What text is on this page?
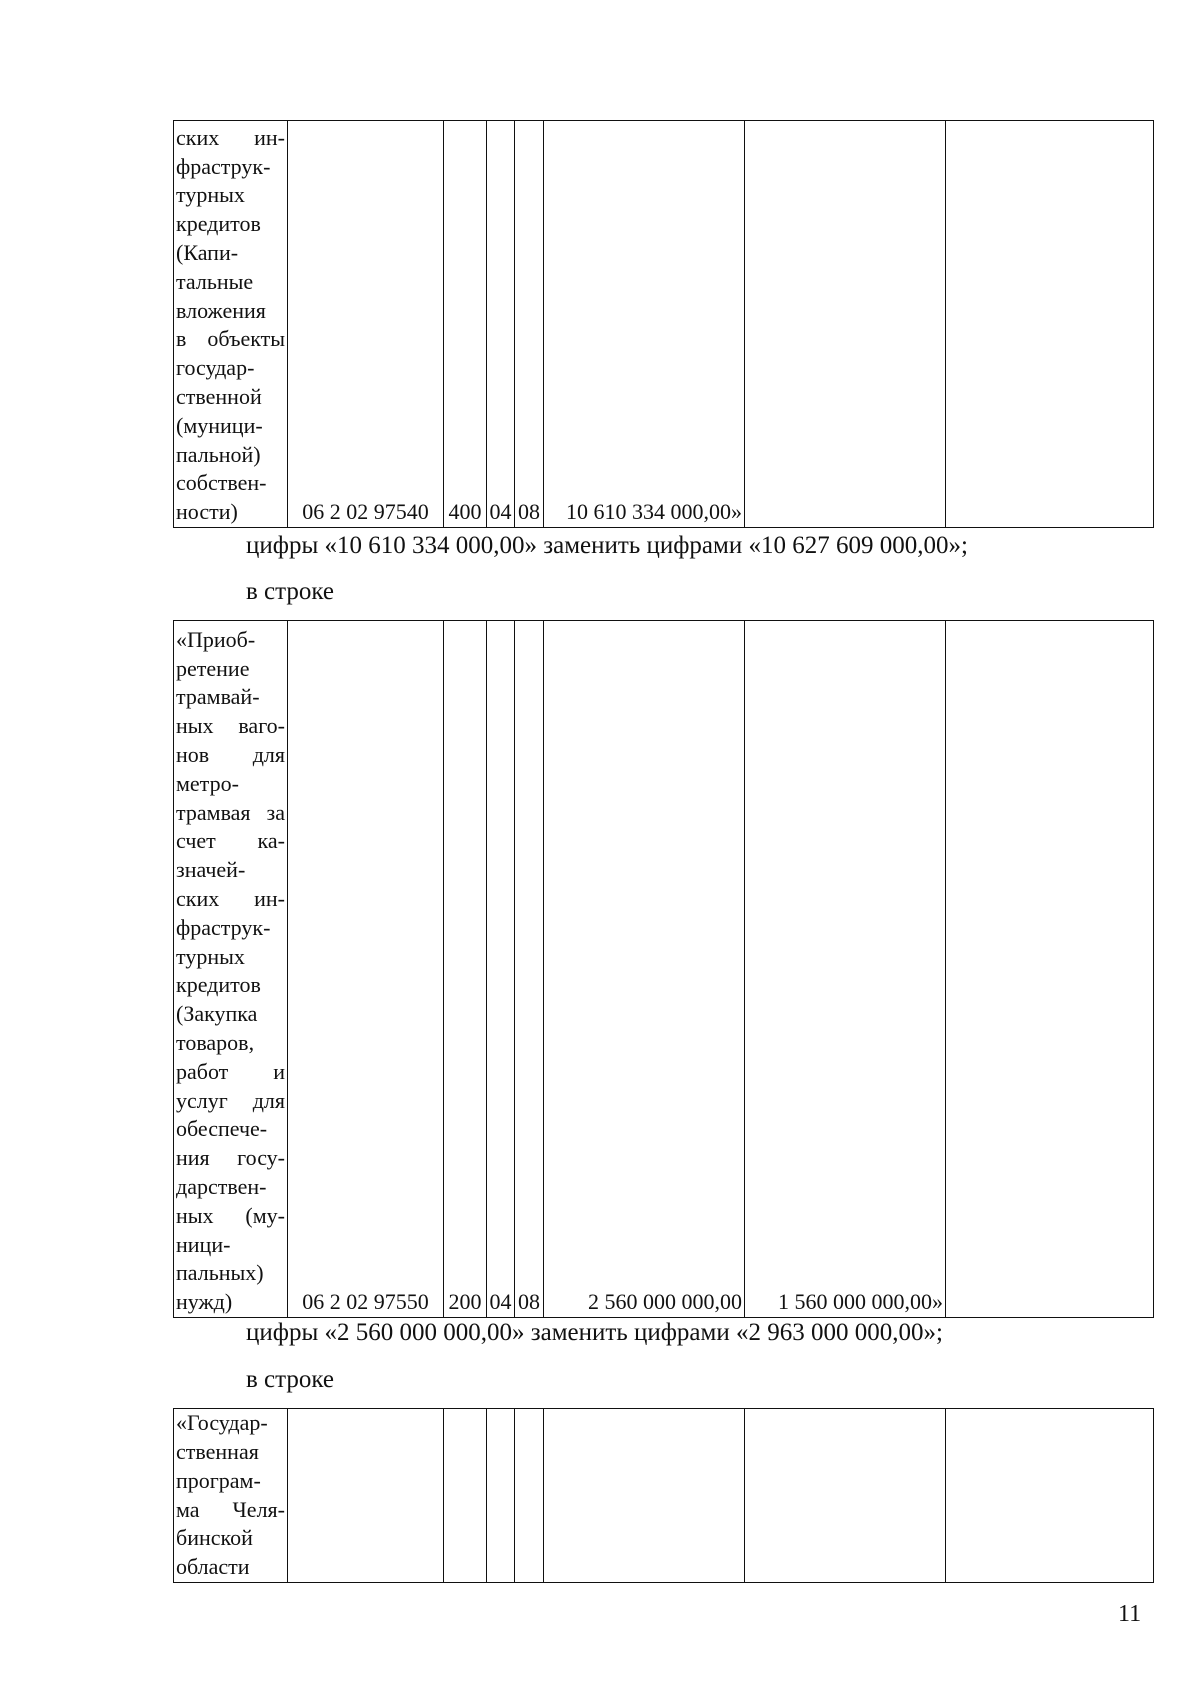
ских ин-
фраструк-
турных
кредитов
(Капи-
тальные
вложения
в объекты
государ-
ственной
(муници-
пальной)
собствен-
ности)	06 2 02 97540	400	04	08	10 610 334 000,00»		
цифры «10 610 334 000,00» заменить цифрами «10 627 609 000,00»;
в строке
«Приоб-
ретение
трамвай-
ных ваго-
нов для
метро-
трамвая за
счет ка-
значей-
ских ин-
фраструк-
турных
кредитов
(Закупка
товаров,
работ и
услуг для
обеспече-
ния госу-
дарствен-
ных (му-
ници-
пальных)
нужд)	06 2 02 97550	200	04	08	2 560 000 000,00	1 560 000 000,00»	
цифры «2 560 000 000,00» заменить цифрами «2 963 000 000,00»;
в строке
«Государ-
ственная
програм-
ма Челя-
бинской
области

11
